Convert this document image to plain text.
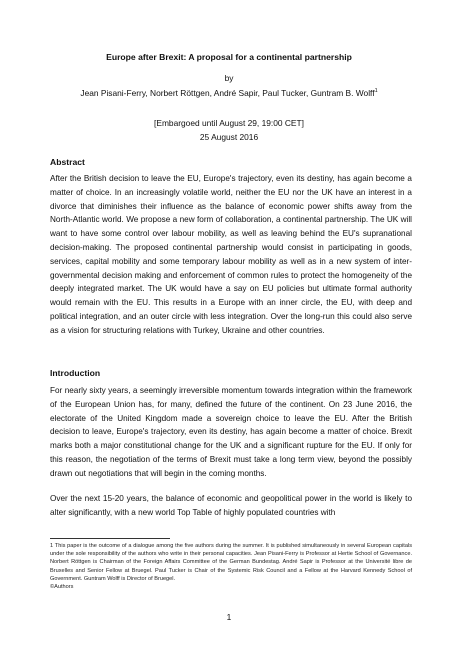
Europe after Brexit: A proposal for a continental partnership
by
Jean Pisani-Ferry, Norbert Röttgen, André Sapir, Paul Tucker, Guntram B. Wolff$^1$
[Embargoed until August 29, 19:00 CET]
25 August 2016
Abstract
After the British decision to leave the EU, Europe's trajectory, even its destiny, has again become a matter of choice. In an increasingly volatile world, neither the EU nor the UK have an interest in a divorce that diminishes their influence as the balance of economic power shifts away from the North-Atlantic world. We propose a new form of collaboration, a continental partnership. The UK will want to have some control over labour mobility, as well as leaving behind the EU's supranational decision-making. The proposed continental partnership would consist in participating in goods, services, capital mobility and some temporary labour mobility as well as in a new system of inter-governmental decision making and enforcement of common rules to protect the homogeneity of the deeply integrated market. The UK would have a say on EU policies but ultimate formal authority would remain with the EU. This results in a Europe with an inner circle, the EU, with deep and political integration, and an outer circle with less integration. Over the long-run this could also serve as a vision for structuring relations with Turkey, Ukraine and other countries.
Introduction
For nearly sixty years, a seemingly irreversible momentum towards integration within the framework of the European Union has, for many, defined the future of the continent. On 23 June 2016, the electorate of the United Kingdom made a sovereign choice to leave the EU. After the British decision to leave, Europe's trajectory, even its destiny, has again become a matter of choice. Brexit marks both a major constitutional change for the UK and a significant rupture for the EU. If only for this reason, the negotiation of the terms of Brexit must take a long term view, beyond the possibly drawn out negotiations that will begin in the coming months.
Over the next 15-20 years, the balance of economic and geopolitical power in the world is likely to alter significantly, with a new world Top Table of highly populated countries with
1 This paper is the outcome of a dialogue among the five authors during the summer. It is published simultaneously in several European capitals under the sole responsibility of the authors who write in their personal capacities. Jean Pisani-Ferry is Professor at Hertie School of Governance. Norbert Röttgen is Chairman of the Foreign Affairs Committee of the German Bundestag. André Sapir is Professor at the Université libre de Bruxelles and Senior Fellow at Bruegel. Paul Tucker is Chair of the Systemic Risk Council and a Fellow at the Harvard Kennedy School of Government. Guntram Wolff is Director of Bruegel.
©Authors
1
